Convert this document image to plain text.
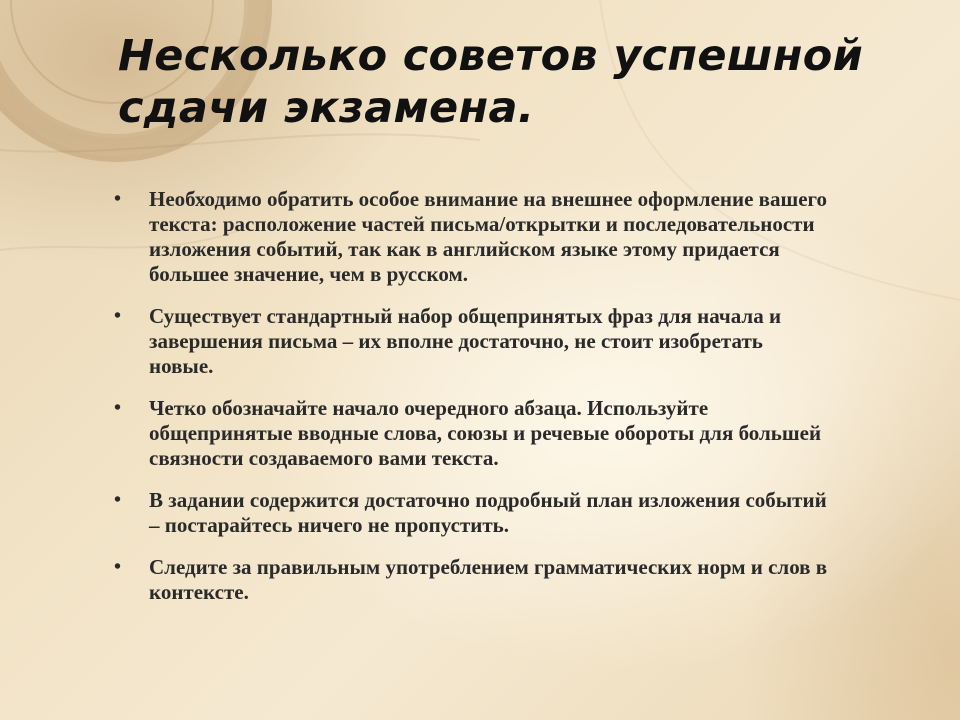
Несколько советов успешной сдачи экзамена.
• Необходимо обратить особое внимание на внешнее оформление вашего текста: расположение частей письма/открытки и последовательности изложения событий, так как в английском языке этому придается большее значение, чем в русском.
• Существует стандартный набор общепринятых фраз для начала и завершения письма – их вполне достаточно, не стоит изобретать новые.
• Четко обозначайте начало очередного абзаца. Используйте общепринятые вводные слова, союзы и речевые обороты для большей связности создаваемого вами текста.
• В задании содержится достаточно подробный план изложения событий – постарайтесь ничего не пропустить.
• Следите за правильным употреблением грамматических норм и слов в контексте.
